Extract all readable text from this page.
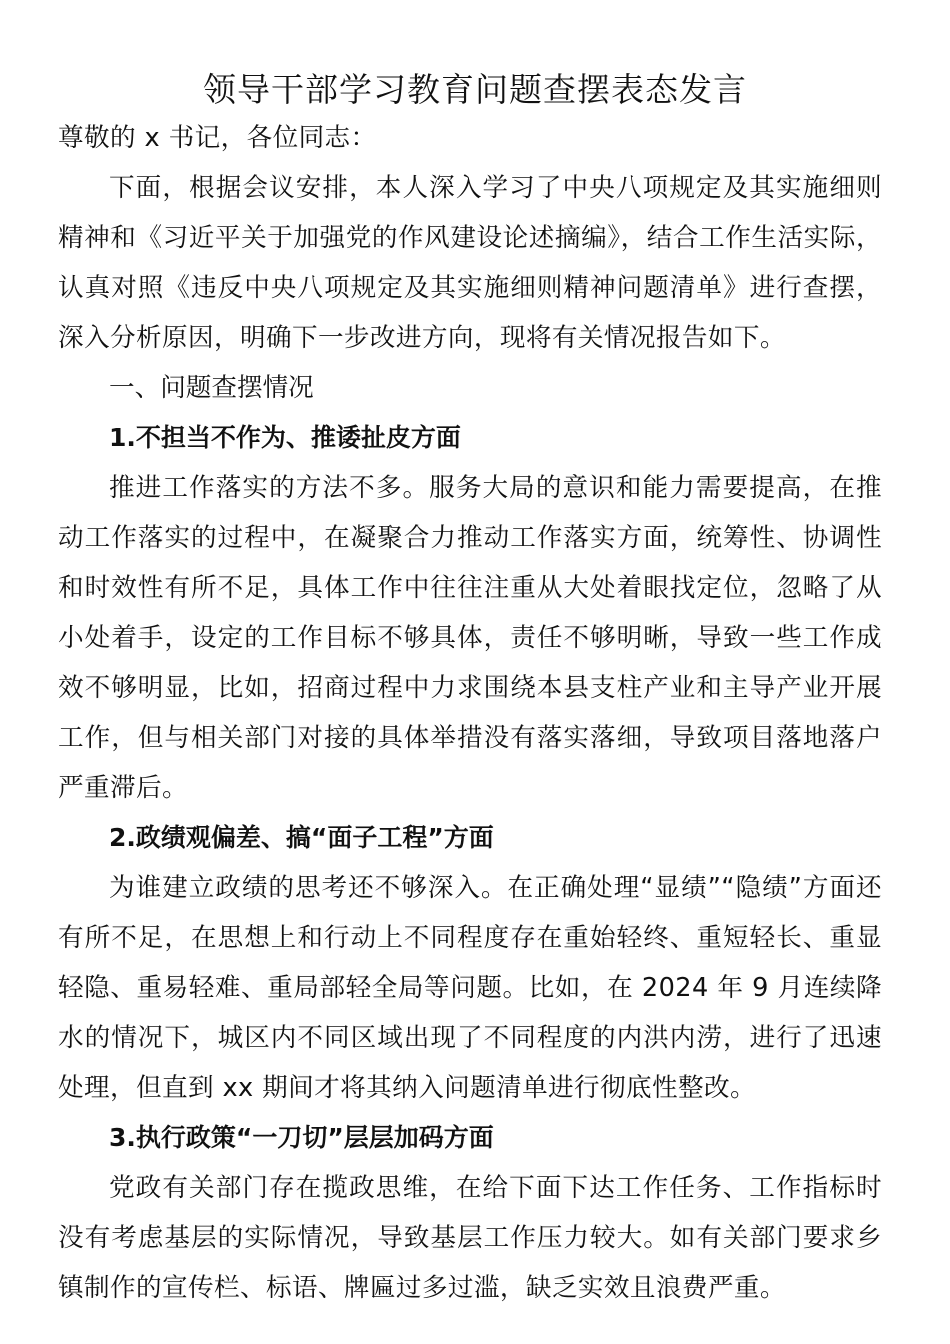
领导干部学习教育问题查摆表态发言

尊敬的 x 书记，各位同志：

下面，根据会议安排，本人深入学习了中央八项规定及其实施细则精神和《习近平关于加强党的作风建设论述摘编》，结合工作生活实际，认真对照《违反中央八项规定及其实施细则精神问题清单》进行查摆，深入分析原因，明确下一步改进方向，现将有关情况报告如下。

一、问题查摆情况

1.不担当不作为、推诿扯皮方面

推进工作落实的方法不多。服务大局的意识和能力需要提高，在推动工作落实的过程中，在凝聚合力推动工作落实方面，统筹性、协调性和时效性有所不足，具体工作中往往注重从大处着眼找定位，忽略了从小处着手，设定的工作目标不够具体，责任不够明晰，导致一些工作成效不够明显，比如，招商过程中力求围绕本县支柱产业和主导产业开展工作，但与相关部门对接的具体举措没有落实落细，导致项目落地落户严重滞后。

2.政绩观偏差、搞“面子工程”方面

为谁建立政绩的思考还不够深入。在正确处理“显绩”“隐绩”方面还有所不足，在思想上和行动上不同程度存在重始轻终、重短轻长、重显轻隐、重易轻难、重局部轻全局等问题。比如，在 2024 年 9 月连续降水的情况下，城区内不同区域出现了不同程度的内洪内涝，进行了迅速处理，但直到 xx 期间才将其纳入问题清单进行彻底性整改。

3.执行政策“一刀切”层层加码方面

党政有关部门存在揽政思维，在给下面下达工作任务、工作指标时没有考虑基层的实际情况，导致基层工作压力较大。如有关部门要求乡镇制作的宣传栏、标语、牌匾过多过滥，缺乏实效且浪费严重。
